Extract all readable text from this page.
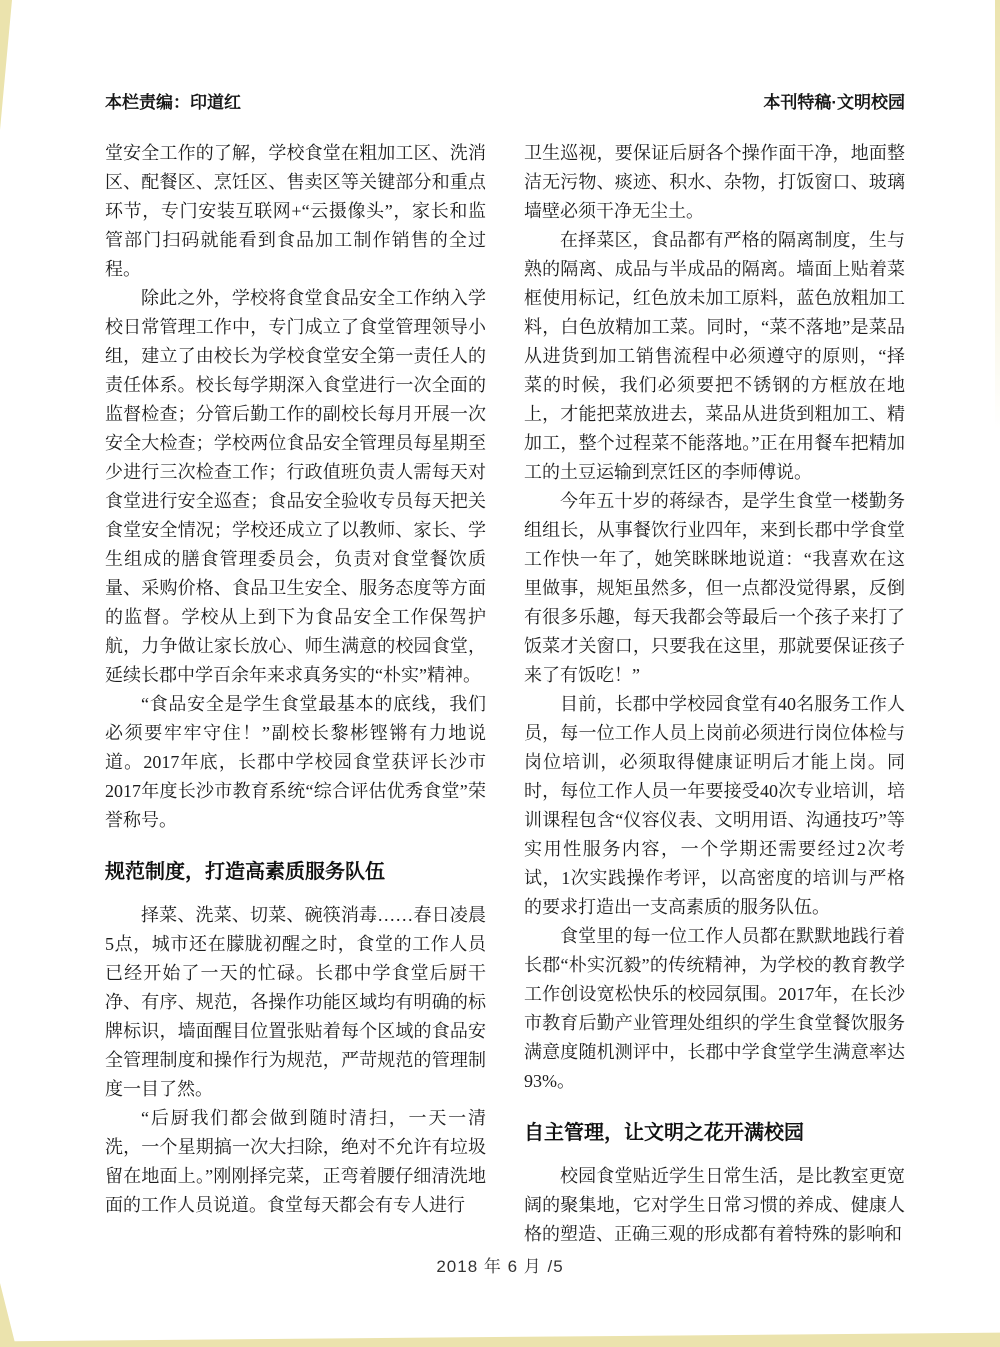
本栏责编：印道红	本刊特稿·文明校园

堂安全工作的了解，学校食堂在粗加工区、洗消区、配餐区、烹饪区、售卖区等关键部分和重点环节，专门安装互联网+“云摄像头”，家长和监管部门扫码就能看到食品加工制作销售的全过程。

除此之外，学校将食堂食品安全工作纳入学校日常管理工作中，专门成立了食堂管理领导小组，建立了由校长为学校食堂安全第一责任人的责任体系。校长每学期深入食堂进行一次全面的监督检查；分管后勤工作的副校长每月开展一次安全大检查；学校两位食品安全管理员每星期至少进行三次检查工作；行政值班负责人需每天对食堂进行安全巡查；食品安全验收专员每天把关食堂安全情况；学校还成立了以教师、家长、学生组成的膳食管理委员会，负责对食堂餐饮质量、采购价格、食品卫生安全、服务态度等方面的监督。学校从上到下为食品安全工作保驾护航，力争做让家长放心、师生满意的校园食堂，延续长郡中学百余年来求真务实的“朴实”精神。

“食品安全是学生食堂最基本的底线，我们必须要牢牢守住！”副校长黎彬铿锵有力地说道。2017年底，长郡中学校园食堂获评长沙市2017年度长沙市教育系统“综合评估优秀食堂”荣誉称号。

规范制度，打造高素质服务队伍

择菜、洗菜、切菜、碗筷消毒……春日凌晨5点，城市还在朦胧初醒之时，食堂的工作人员已经开始了一天的忙碌。长郡中学食堂后厨干净、有序、规范，各操作功能区域均有明确的标牌标识，墙面醒目位置张贴着每个区域的食品安全管理制度和操作行为规范，严苛规范的管理制度一目了然。

“后厨我们都会做到随时清扫，一天一清洗，一个星期搞一次大扫除，绝对不允许有垃圾留在地面上。”刚刚择完菜，正弯着腰仔细清洗地面的工作人员说道。食堂每天都会有专人进行

卫生巡视，要保证后厨各个操作面干净，地面整洁无污物、痰迹、积水、杂物，打饭窗口、玻璃墙壁必须干净无尘土。

在择菜区，食品都有严格的隔离制度，生与熟的隔离、成品与半成品的隔离。墙面上贴着菜框使用标记，红色放未加工原料，蓝色放粗加工料，白色放精加工菜。同时，“菜不落地”是菜品从进货到加工销售流程中必须遵守的原则，“择菜的时候，我们必须要把不锈钢的方框放在地上，才能把菜放进去，菜品从进货到粗加工、精加工，整个过程菜不能落地。”正在用餐车把精加工的土豆运输到烹饪区的李师傅说。

今年五十岁的蒋绿杏，是学生食堂一楼勤务组组长，从事餐饮行业四年，来到长郡中学食堂工作快一年了，她笑眯眯地说道：“我喜欢在这里做事，规矩虽然多，但一点都没觉得累，反倒有很多乐趣，每天我都会等最后一个孩子来打了饭菜才关窗口，只要我在这里，那就要保证孩子来了有饭吃！”

目前，长郡中学校园食堂有40名服务工作人员，每一位工作人员上岗前必须进行岗位体检与岗位培训，必须取得健康证明后才能上岗。同时，每位工作人员一年要接受40次专业培训，培训课程包含“仪容仪表、文明用语、沟通技巧”等实用性服务内容，一个学期还需要经过2次考试，1次实践操作考评，以高密度的培训与严格的要求打造出一支高素质的服务队伍。

食堂里的每一位工作人员都在默默地践行着长郡“朴实沉毅”的传统精神，为学校的教育教学工作创设宽松快乐的校园氛围。2017年，在长沙市教育后勤产业管理处组织的学生食堂餐饮服务满意度随机测评中，长郡中学食堂学生满意率达93%。

自主管理，让文明之花开满校园

校园食堂贴近学生日常生活，是比教室更宽阔的聚集地，它对学生日常习惯的养成、健康人格的塑造、正确三观的形成都有着特殊的影响和

2018 年 6 月 /5
